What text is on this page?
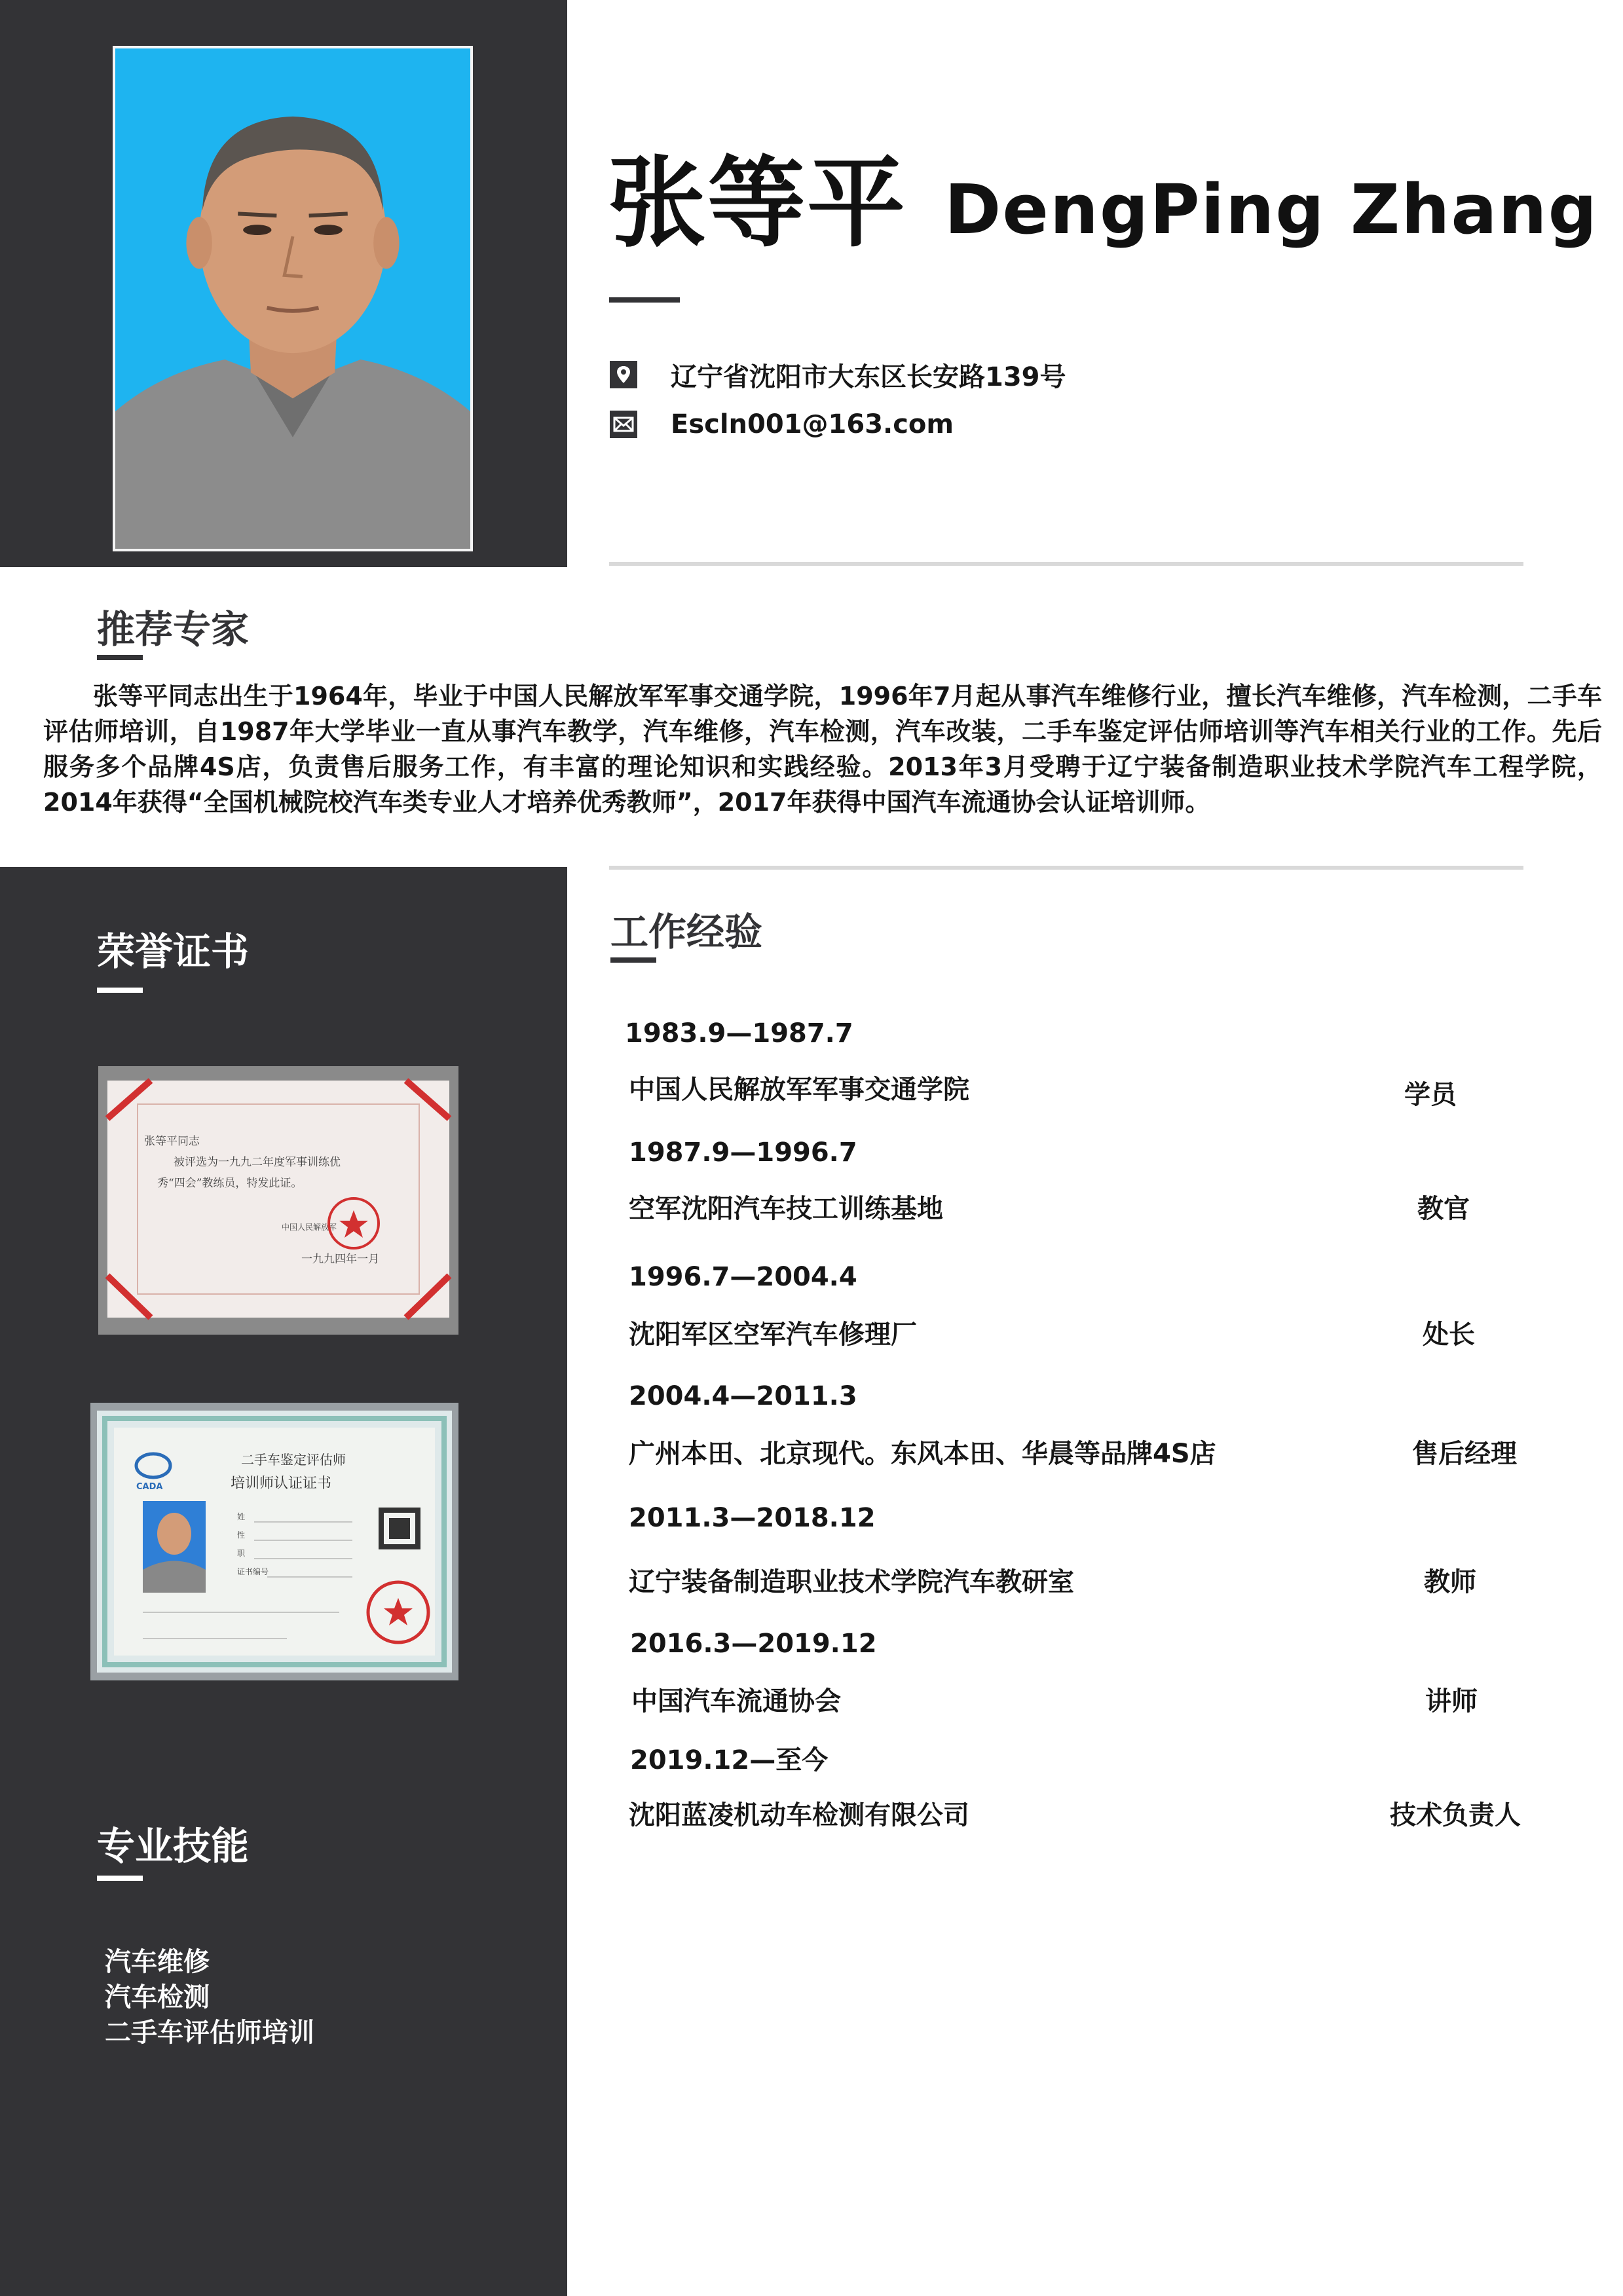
张等平 DengPing Zhang
辽宁省沈阳市大东区长安路139号
Escln001@163.com
推荐专家

张等平同志出生于1964年，毕业于中国人民解放军军事交通学院，1996年7月起从事汽车维修行业，擅长汽车维修，汽车检测，二手车评估师培训，自1987年大学毕业一直从事汽车教学，汽车维修，汽车检测，汽车改装，二手车鉴定评估师培训等汽车相关行业的工作。先后服务多个品牌4S店，负责售后服务工作，有丰富的理论知识和实践经验。2013年3月受聘于辽宁装备制造职业技术学院汽车工程学院，2014年获得“全国机械院校汽车类专业人才培养优秀教师”，2017年获得中国汽车流通协会认证培训师。

荣誉证书
张等平同志
被评选为一九九二年度军事训练优
秀“四会”教练员，特发此证。
中国人民解放军
一九九四年一月
CADA
二手车鉴定评估师
培训师认证证书
姓
性
职
证书编号
专业技能
汽车维修
汽车检测
二手车评估师培训
工作经验
1983.9—1987.7
中国人民解放军军事交通学院	学员
1987.9—1996.7
空军沈阳汽车技工训练基地	教官
1996.7—2004.4
沈阳军区空军汽车修理厂	处长
2004.4—2011.3
广州本田、北京现代。东风本田、华晨等品牌4S店	售后经理
2011.3—2018.12
辽宁装备制造职业技术学院汽车教研室	教师
2016.3—2019.12
中国汽车流通协会	讲师
2019.12—至今
沈阳蓝凌机动车检测有限公司	技术负责人
